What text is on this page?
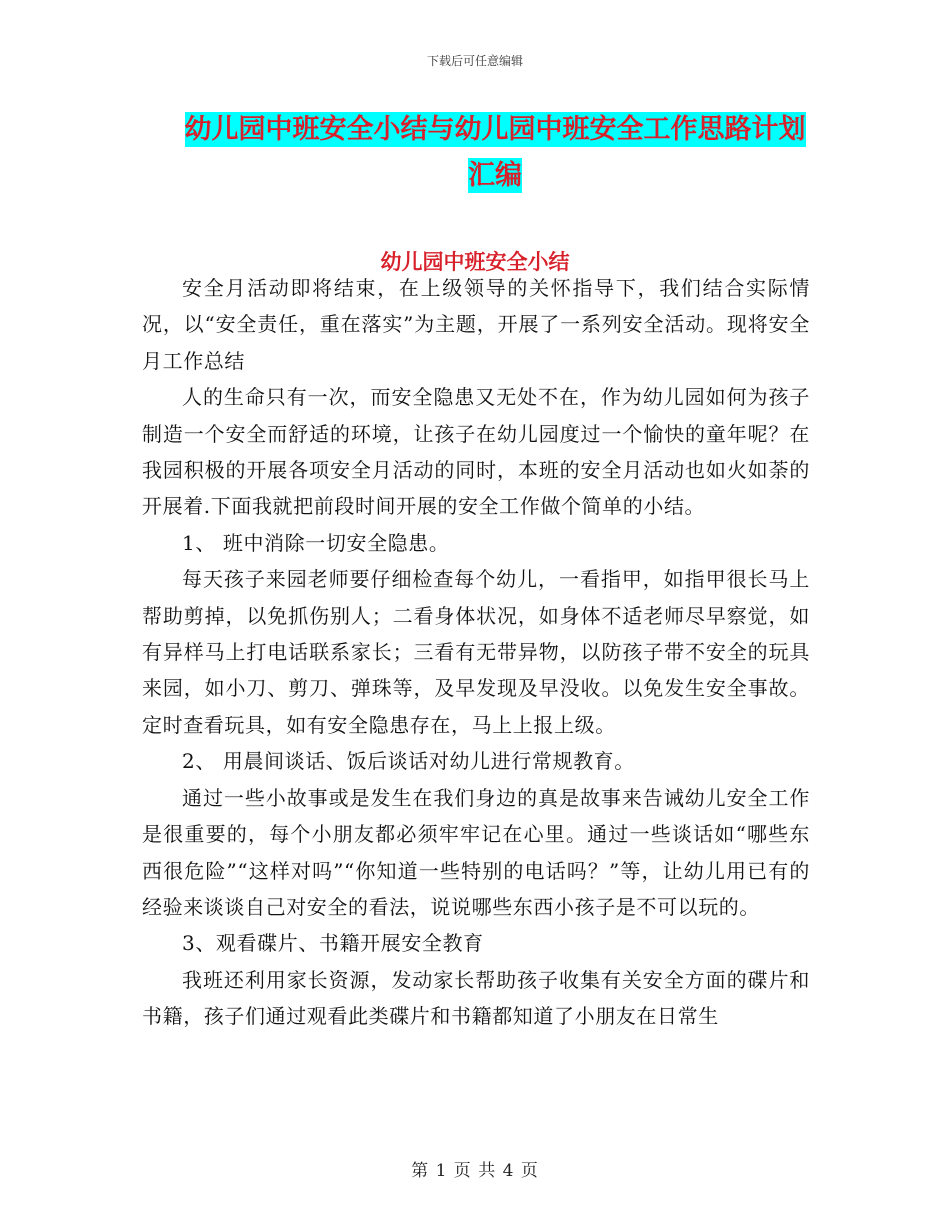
下载后可任意编辑
幼儿园中班安全小结与幼儿园中班安全工作思路计划汇编
幼儿园中班安全小结

安全月活动即将结束，在上级领导的关怀指导下，我们结合实际情况，以“安全责任，重在落实”为主题，开展了一系列安全活动。现将安全月工作总结

人的生命只有一次，而安全隐患又无处不在，作为幼儿园如何为孩子制造一个安全而舒适的环境，让孩子在幼儿园度过一个愉快的童年呢？在我园积极的开展各项安全月活动的同时，本班的安全月活动也如火如荼的开展着.下面我就把前段时间开展的安全工作做个简单的小结。

1、 班中消除一切安全隐患。

每天孩子来园老师要仔细检查每个幼儿，一看指甲，如指甲很长马上帮助剪掉，以免抓伤别人；二看身体状况，如身体不适老师尽早察觉，如有异样马上打电话联系家长；三看有无带异物，以防孩子带不安全的玩具来园，如小刀、剪刀、弹珠等，及早发现及早没收。以免发生安全事故。定时查看玩具，如有安全隐患存在，马上上报上级。

2、 用晨间谈话、饭后谈话对幼儿进行常规教育。

通过一些小故事或是发生在我们身边的真是故事来告诫幼儿安全工作是很重要的，每个小朋友都必须牢牢记在心里。通过一些谈话如“哪些东西很危险”“这样对吗”“你知道一些特别的电话吗？”等，让幼儿用已有的经验来谈谈自己对安全的看法，说说哪些东西小孩子是不可以玩的。

3、观看碟片、书籍开展安全教育

我班还利用家长资源，发动家长帮助孩子收集有关安全方面的碟片和书籍，孩子们通过观看此类碟片和书籍都知道了小朋友在日常生

第 1 页 共 4 页
